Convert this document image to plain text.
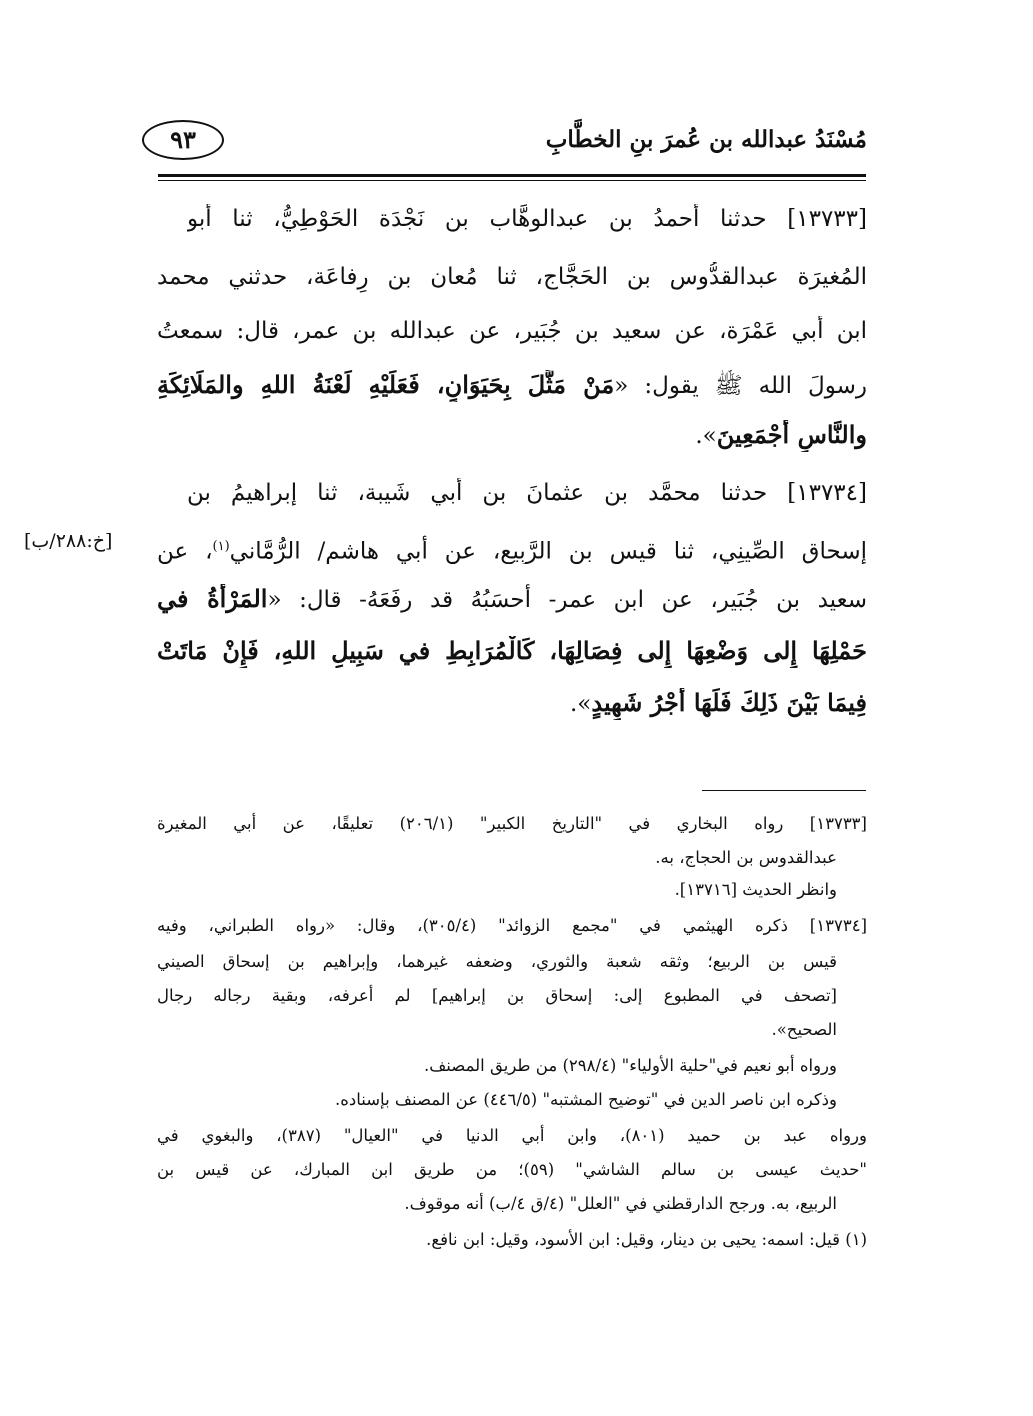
مُسْنَدُ عبدالله بن عُمرَ بنِ الخطَّابِ
٩٣
[١٣٧٣٣] حدثنا أحمدُ بن عبدالوهَّاب بن نَجْدَة الحَوْطِيُّ، ثنا أبو
المُغيرَة عبدالقدُّوس بن الحَجَّاج، ثنا مُعان بن رِفاعَة، حدثني محمد
ابن أبي عَمْرَة، عن سعيد بن جُبَير، عن عبدالله بن عمر، قال: سمعتُ
رسولَ الله ﷺ يقول: «مَنْ مَثَّلَ بِحَيَوَانٍ، فَعَلَيْهِ لَعْنَةُ اللهِ والمَلَائِكَةِ
والنَّاسِ أَجْمَعِينَ».
[١٣٧٣٤] حدثنا محمَّد بن عثمانَ بن أبي شَيبة، ثنا إبراهيمُ بن
إسحاق الصِّينِي، ثنا قيس بن الرَّبِيع، عن أبي هاشم/ الرُّمَّاني$^{(١)}$، عن
سعيد بن جُبَير، عن ابن عمر- أحسَبُهُ قد رفَعَهُ- قال: «المَرْأَةُ في
حَمْلِهَا إِلى وَضْعِهَا إِلى فِصَالِهَا، كَالْمُرَابِطِ في سَبِيلِ اللهِ، فَإِنْ مَاتَتْ
فِيمَا بَيْنَ ذَلِكَ فَلَهَا أَجْرُ شَهِيدٍ».
[خ:٢٨٨/ب]
[١٣٧٣٣] رواه البخاري في "التاريخ الكبير" (٢٠٦/١) تعليقًا، عن أبي المغيرة
عبدالقدوس بن الحجاج، به.
وانظر الحديث [١٣٧١٦].
[١٣٧٣٤] ذكره الهيثمي في "مجمع الزوائد" (٣٠٥/٤)، وقال: «رواه الطبراني، وفيه
قيس بن الربيع؛ وثقه شعبة والثوري، وضعفه غيرهما، وإبراهيم بن إسحاق الصيني
[تصحف في المطبوع إلى: إسحاق بن إبراهيم] لم أعرفه، وبقية رجاله رجال
الصحيح».
ورواه أبو نعيم في"حلية الأولياء" (٢٩٨/٤) من طريق المصنف.
وذكره ابن ناصر الدين في "توضيح المشتبه" (٤٤٦/٥) عن المصنف بإسناده.
ورواه عبد بن حميد (٨٠١)، وابن أبي الدنيا في "العيال" (٣٨٧)، والبغوي في
"حديث عيسى بن سالم الشاشي" (٥٩)؛ من طريق ابن المبارك، عن قيس بن
الربيع، به. ورجح الدارقطني في "العلل" (٤/ق ٤/ب) أنه موقوف.
(١) قيل: اسمه: يحيى بن دينار، وقيل: ابن الأسود، وقيل: ابن نافع.
